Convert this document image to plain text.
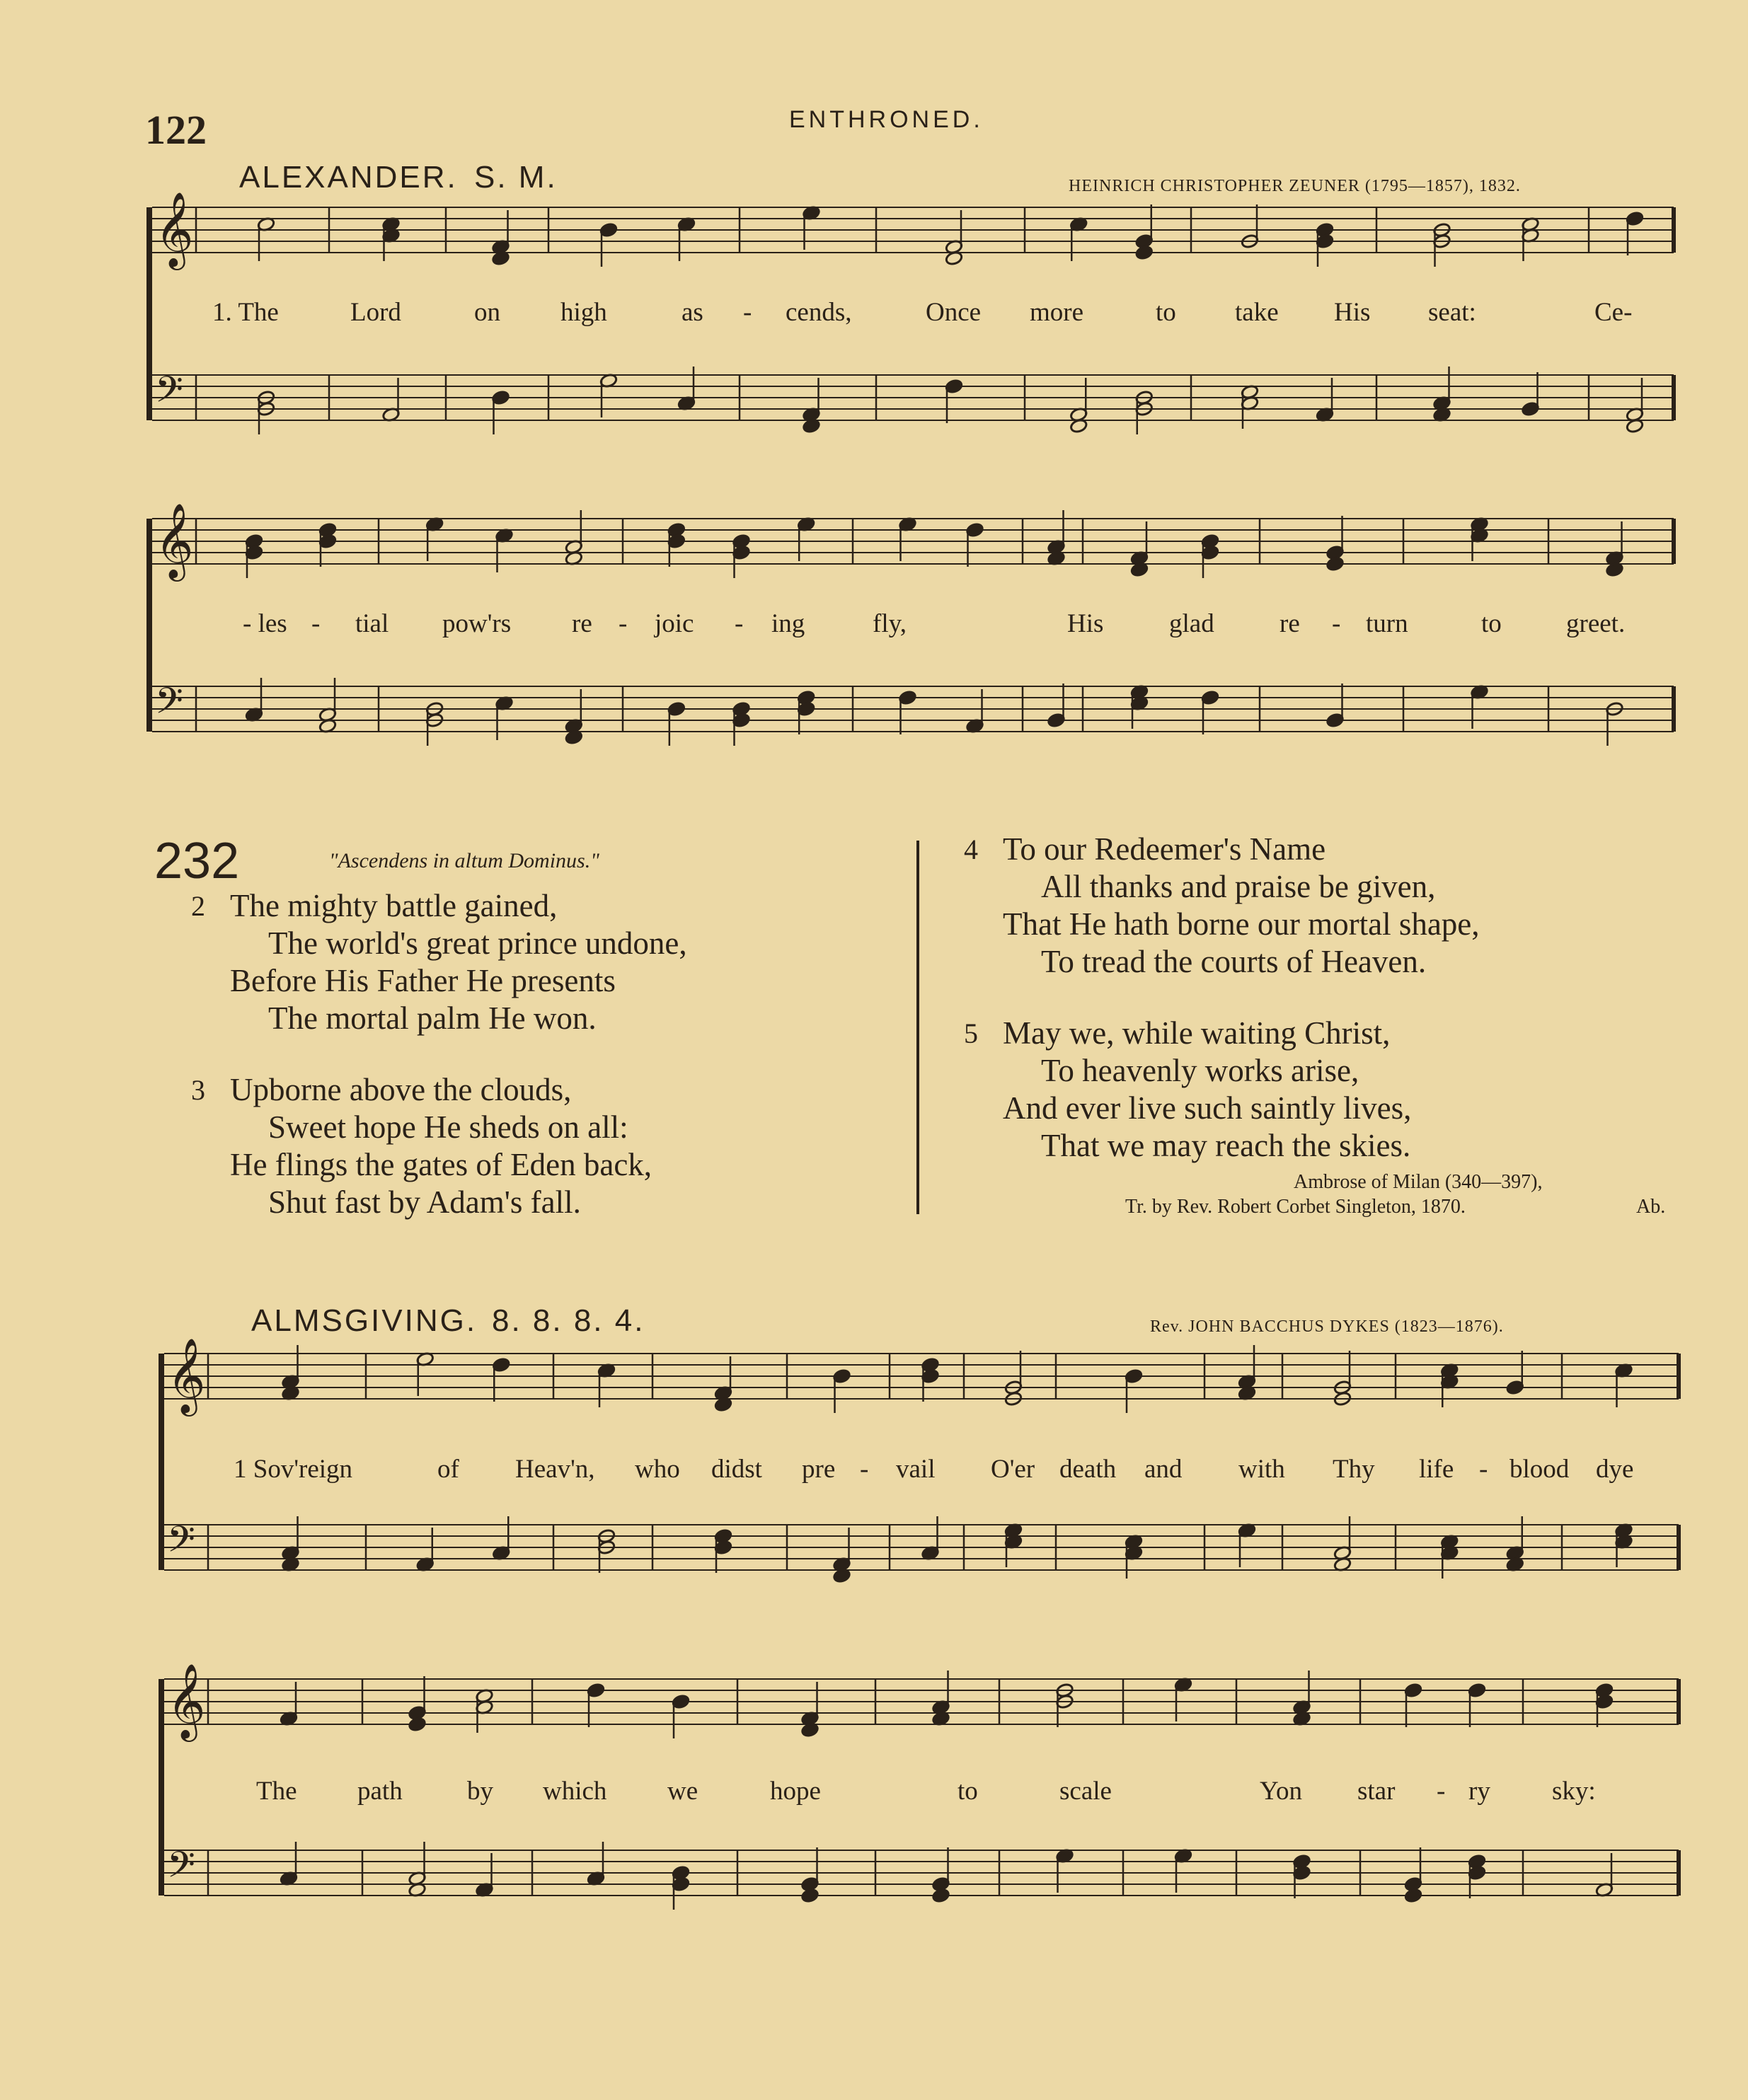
122	ENTHRONED.
ALEXANDER. S. M.	HEINRICH CHRISTOPHER ZEUNER (1795—1857), 1832.
𝄞
𝄢
1. The	Lord	on high	as - cends,	Once more	to take His seat:	Ce-
𝄞
𝄢
- les - tial pow'rs re - joic - ing	fly,	His	glad re - turn	to greet.
232	"Ascendens in altum Dominus."
2 The mighty battle gained,
The world's great prince undone,
Before His Father He presents
The mortal palm He won.
3 Upborne above the clouds,
Sweet hope He sheds on all:
He flings the gates of Eden back,
Shut fast by Adam's fall.
4 To our Redeemer's Name
All thanks and praise be given,
That He hath borne our mortal shape,
To tread the courts of Heaven.
5 May we, while waiting Christ,
To heavenly works arise,
And ever live such saintly lives,
That we may reach the skies.
Ambrose of Milan (340—397),
Tr. by Rev. Robert Corbet Singleton, 1870.	Ab.
ALMSGIVING. 8. 8. 8. 4.	Rev. JOHN BACCHUS DYKES (1823—1876).
𝄞
𝄢
1 Sov'reign	of Heav'n, who didst pre - vail O'er death and with Thy life - blood dye
𝄞
𝄢
The path by which we	hope	to	scale	Yon star - ry sky:
